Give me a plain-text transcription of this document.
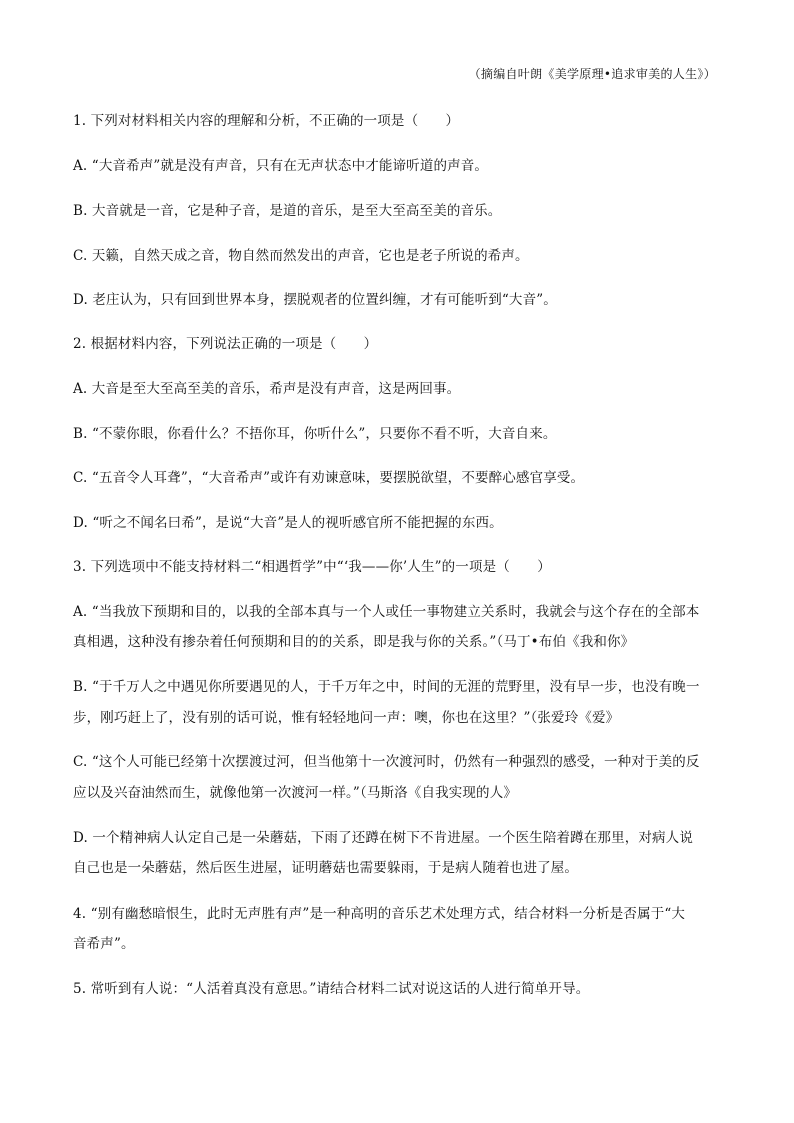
（摘编自叶朗《美学原理•追求审美的人生》）
1. 下列对材料相关内容的理解和分析，不正确的一项是（　　）
A. “大音希声”就是没有声音，只有在无声状态中才能谛听道的声音。
B. 大音就是一音，它是种子音，是道的音乐，是至大至高至美的音乐。
C. 天籁，自然天成之音，物自然而然发出的声音，它也是老子所说的希声。
D. 老庄认为，只有回到世界本身，摆脱观者的位置纠缠，才有可能听到“大音”。
2. 根据材料内容，下列说法正确的一项是（　　）
A. 大音是至大至高至美的音乐，希声是没有声音，这是两回事。
B. “不蒙你眼，你看什么？不捂你耳，你听什么”，只要你不看不听，大音自来。
C. “五音令人耳聋”，“大音希声”或许有劝谏意味，要摆脱欲望，不要醉心感官享受。
D. “听之不闻名曰希”，是说“大音”是人的视听感官所不能把握的东西。
3. 下列选项中不能支持材料二“相遇哲学”中“‘我——你’人生”的一项是（　　）
A. “当我放下预期和目的，以我的全部本真与一个人或任一事物建立关系时，我就会与这个存在的全部本
真相遇，这种没有掺杂着任何预期和目的的关系，即是我与你的关系。”（马丁•布伯《我和你》
B. “于千万人之中遇见你所要遇见的人，于千万年之中，时间的无涯的荒野里，没有早一步，也没有晚一
步，刚巧赶上了，没有别的话可说，惟有轻轻地问一声：噢，你也在这里？”（张爱玲《爱》
C. “这个人可能已经第十次摆渡过河，但当他第十一次渡河时，仍然有一种强烈的感受，一种对于美的反
应以及兴奋油然而生，就像他第一次渡河一样。”（马斯洛《自我实现的人》
D. 一个精神病人认定自己是一朵蘑菇，下雨了还蹲在树下不肯进屋。一个医生陪着蹲在那里，对病人说
自己也是一朵蘑菇，然后医生进屋，证明蘑菇也需要躲雨，于是病人随着也进了屋。
4. “别有幽愁暗恨生，此时无声胜有声”是一种高明的音乐艺术处理方式，结合材料一分析是否属于“大
音希声”。
5. 常听到有人说：“人活着真没有意思。”请结合材料二试对说这话的人进行简单开导。
